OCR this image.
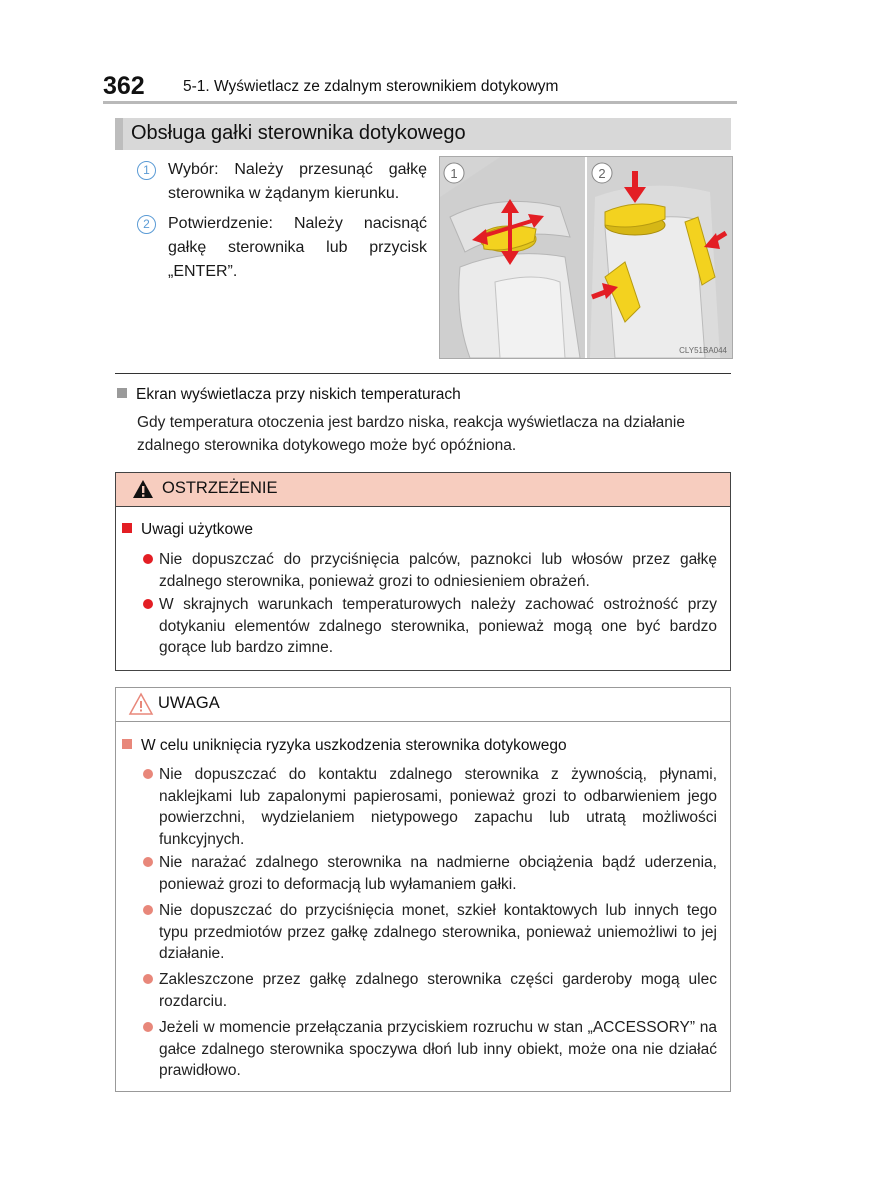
362 5-1. Wyświetlacz ze zdalnym sterownikiem dotykowym
Obsługa gałki sterownika dotykowego
1	Wybór: Należy przesunąć gałkę sterownika w żądanym kierunku.
2	Potwierdzenie: Należy nacisnąć gałkę sterownika lub przycisk „ENTER”.
1	2
CLY51BA044
Ekran wyświetlacza przy niskich temperaturach
Gdy temperatura otoczenia jest bardzo niska, reakcja wyświetlacza na działanie zdalnego sterownika dotykowego może być opóźniona.
OSTRZEŻENIE
Uwagi użytkowe
Nie dopuszczać do przyciśnięcia palców, paznokci lub włosów przez gałkę zdalnego sterownika, ponieważ grozi to odniesieniem obrażeń.
W skrajnych warunkach temperaturowych należy zachować ostrożność przy dotykaniu elementów zdalnego sterownika, ponieważ mogą one być bardzo gorące lub bardzo zimne.
UWAGA
W celu uniknięcia ryzyka uszkodzenia sterownika dotykowego
Nie dopuszczać do kontaktu zdalnego sterownika z żywnością, płynami, naklejkami lub zapalonymi papierosami, ponieważ grozi to odbarwieniem jego powierzchni, wydzielaniem nietypowego zapachu lub utratą możliwości funkcyjnych.
Nie narażać zdalnego sterownika na nadmierne obciążenia bądź uderzenia, ponieważ grozi to deformacją lub wyłamaniem gałki.
Nie dopuszczać do przyciśnięcia monet, szkieł kontaktowych lub innych tego typu przedmiotów przez gałkę zdalnego sterownika, ponieważ uniemożliwi to jej działanie.
Zakleszczone przez gałkę zdalnego sterownika części garderoby mogą ulec rozdarciu.
Jeżeli w momencie przełączania przyciskiem rozruchu w stan „ACCESSORY” na gałce zdalnego sterownika spoczywa dłoń lub inny obiekt, może ona nie działać prawidłowo.
